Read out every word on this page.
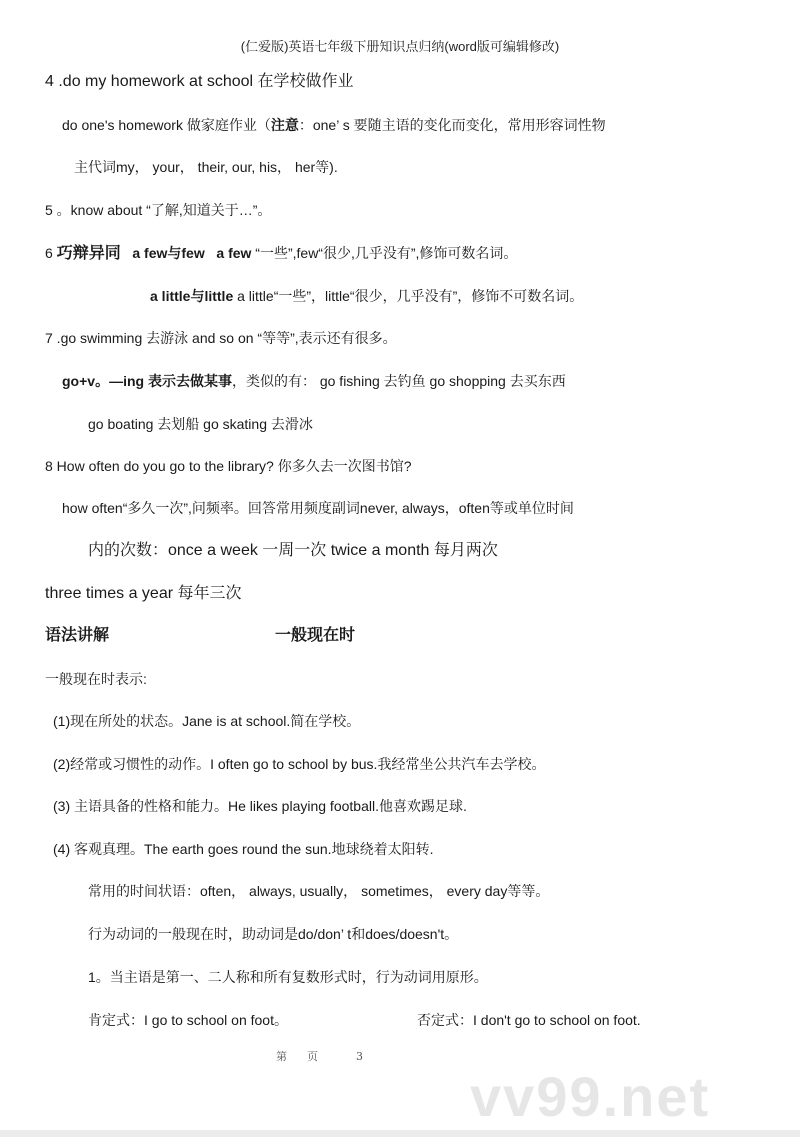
(仁爱版)英语七年级下册知识点归纳(word版可编辑修改)
4 .do my homework at school 在学校做作业
do one's homework 做家庭作业（注意：one’ s 要随主语的变化而变化，常用形容词性物
主代词my， your， their, our, his， her等).
5 。know about “了解,知道关于…”。
6 巧辩异同 a few与few a few “一些”,few“很少,几乎没有”,修饰可数名词。
a little与little a little“一些”，little“很少，几乎没有”，修饰不可数名词。
7 .go swimming 去游泳 and so on “等等”,表示还有很多。
go+v。—ing 表示去做某事，类似的有： go fishing 去钓鱼 go shopping 去买东西
go boating 去划船 go skating 去滑冰
8 How often do you go to the library? 你多久去一次图书馆?
how often“多久一次”,问频率。回答常用频度副词never, always，often等或单位时间
内的次数：once a week 一周一次 twice a month 每月两次
three times a year 每年三次
语法讲解	一般现在时
一般现在时表示:
(1)现在所处的状态。Jane is at school.简在学校。
(2)经常或习惯性的动作。I often go to school by bus.我经常坐公共汽车去学校。
(3) 主语具备的性格和能力。He likes playing football.他喜欢踢足球.
(4) 客观真理。The earth goes round the sun.地球绕着太阳转.
常用的时间状语：often， always, usually， sometimes， every day等等。
行为动词的一般现在时，助动词是do/don’ t和does/doesn't。
1。当主语是第一、二人称和所有复数形式时，行为动词用原形。
肯定式：I go to school on foot。	否定式：I don't go to school on foot.
第 页	3
vv99.net
